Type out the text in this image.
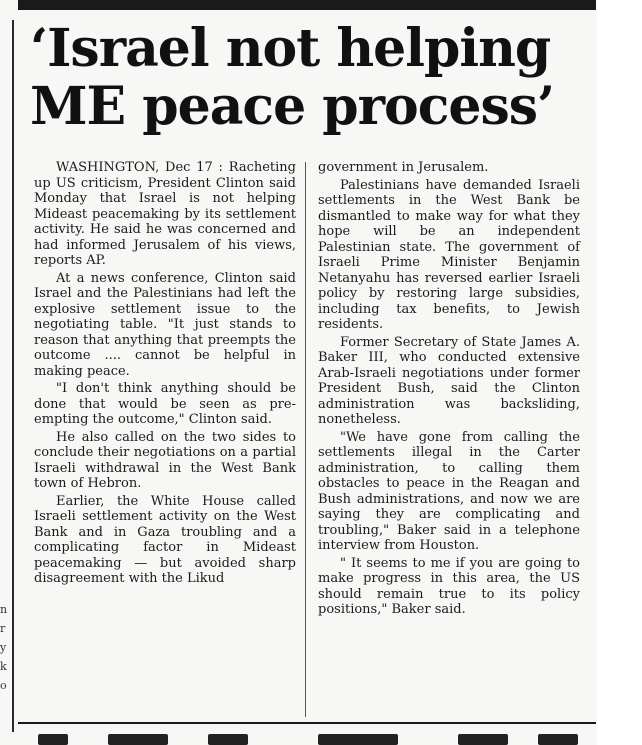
n
r
y
k
o
‘Israel not helping
ME peace process’

WASHINGTON, Dec 17 : Racheting up US criticism, President Clinton said Monday that Israel is not helping Mideast peacemaking by its settlement activity. He said he was concerned and had informed Jerusalem of his views, reports AP.

At a news conference, Clinton said Israel and the Palestinians had left the explosive settlement issue to the negotiating table. "It just stands to reason that anything that preempts the outcome .... cannot be helpful in making peace.

"I don't think anything should be done that would be seen as pre-empting the outcome," Clinton said.

He also called on the two sides to conclude their negotiations on a partial Israeli withdrawal in the West Bank town of Hebron.

Earlier, the White House called Israeli settlement activity on the West Bank and in Gaza troubling and a complicating factor in Mideast peacemaking — but avoided sharp disagreement with the Likud

government in Jerusalem.

Palestinians have demanded Israeli settlements in the West Bank be dismantled to make way for what they hope will be an independent Palestinian state. The government of Israeli Prime Minister Benjamin Netanyahu has reversed earlier Israeli policy by restoring large subsidies, including tax benefits, to Jewish residents.

Former Secretary of State James A. Baker III, who conducted extensive Arab-Israeli negotiations under former President Bush, said the Clinton administration was backsliding, nonetheless.

"We have gone from calling the settlements illegal in the Carter administration, to calling them obstacles to peace in the Reagan and Bush administrations, and now we are saying they are complicating and troubling," Baker said in a telephone interview from Houston.

" It seems to me if you are going to make progress in this area, the US should remain true to its policy positions," Baker said.
